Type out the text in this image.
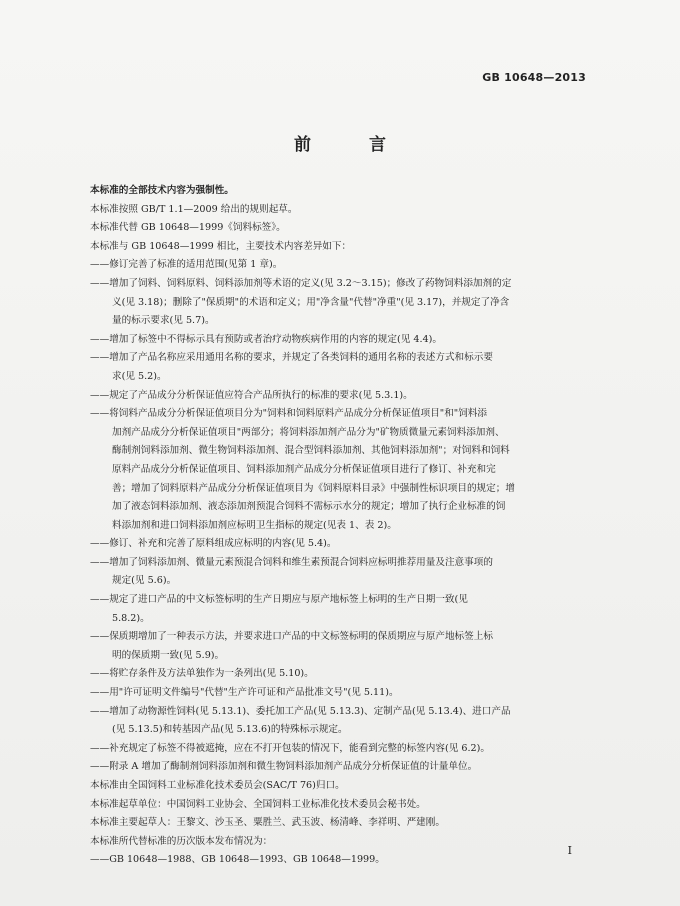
GB 10648—2013
前 言

本标准的全部技术内容为强制性。

本标准按照 GB/T 1.1—2009 给出的规则起草。

本标准代替 GB 10648—1999《饲料标签》。

本标准与 GB 10648—1999 相比，主要技术内容差异如下：

——修订完善了标准的适用范围(见第 1 章)。
——增加了饲料、饲料原料、饲料添加剂等术语的定义(见 3.2～3.15)；修改了药物饲料添加剂的定
义(见 3.18)；删除了"保质期"的术语和定义；用"净含量"代替"净重"(见 3.17)，并规定了净含
量的标示要求(见 5.7)。
——增加了标签中不得标示具有预防或者治疗动物疾病作用的内容的规定(见 4.4)。
——增加了产品名称应采用通用名称的要求，并规定了各类饲料的通用名称的表述方式和标示要
求(见 5.2)。
——规定了产品成分分析保证值应符合产品所执行的标准的要求(见 5.3.1)。
——将饲料产品成分分析保证值项目分为"饲料和饲料原料产品成分分析保证值项目"和"饲料添
加剂产品成分分析保证值项目"两部分；将饲料添加剂产品分为"矿物质微量元素饲料添加剂、
酶制剂饲料添加剂、微生物饲料添加剂、混合型饲料添加剂、其他饲料添加剂"；对饲料和饲料
原料产品成分分析保证值项目、饲料添加剂产品成分分析保证值项目进行了修订、补充和完
善；增加了饲料原料产品成分分析保证值项目为《饲料原料目录》中强制性标识项目的规定；增
加了液态饲料添加剂、液态添加剂预混合饲料不需标示水分的规定；增加了执行企业标准的饲
料添加剂和进口饲料添加剂应标明卫生指标的规定(见表 1、表 2)。
——修订、补充和完善了原料组成应标明的内容(见 5.4)。
——增加了饲料添加剂、微量元素预混合饲料和维生素预混合饲料应标明推荐用量及注意事项的
规定(见 5.6)。
——规定了进口产品的中文标签标明的生产日期应与原产地标签上标明的生产日期一致(见
5.8.2)。
——保质期增加了一种表示方法，并要求进口产品的中文标签标明的保质期应与原产地标签上标
明的保质期一致(见 5.9)。
——将贮存条件及方法单独作为一条列出(见 5.10)。
——用"许可证明文件编号"代替"生产许可证和产品批准文号"(见 5.11)。
——增加了动物源性饲料(见 5.13.1)、委托加工产品(见 5.13.3)、定制产品(见 5.13.4)、进口产品
(见 5.13.5)和转基因产品(见 5.13.6)的特殊标示规定。
——补充规定了标签不得被遮掩，应在不打开包装的情况下，能看到完整的标签内容(见 6.2)。
——附录 A 增加了酶制剂饲料添加剂和微生物饲料添加剂产品成分分析保证值的计量单位。

本标准由全国饲料工业标准化技术委员会(SAC/T 76)归口。

本标准起草单位：中国饲料工业协会、全国饲料工业标准化技术委员会秘书处。

本标准主要起草人：王黎文、沙玉圣、粟胜兰、武玉波、杨清峰、李祥明、严建刚。

本标准所代替标准的历次版本发布情况为：

——GB 10648—1988、GB 10648—1993、GB 10648—1999。

I
